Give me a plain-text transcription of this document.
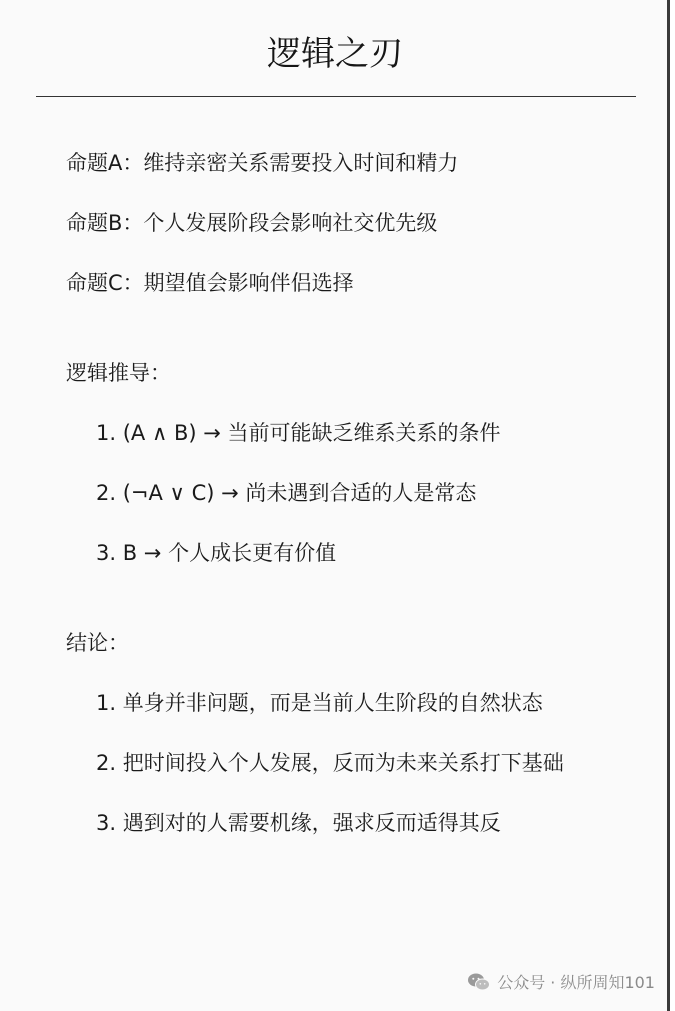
逻辑之刃
命题A：维持亲密关系需要投入时间和精力
命题B：个人发展阶段会影响社交优先级
命题C：期望值会影响伴侣选择
逻辑推导：
1. (A ∧ B) → 当前可能缺乏维系关系的条件
2. (¬A ∨ C) → 尚未遇到合适的人是常态
3. B → 个人成长更有价值
结论：
1. 单身并非问题，而是当前人生阶段的自然状态
2. 把时间投入个人发展，反而为未来关系打下基础
3. 遇到对的人需要机缘，强求反而适得其反
公众号 · 纵所周知101
